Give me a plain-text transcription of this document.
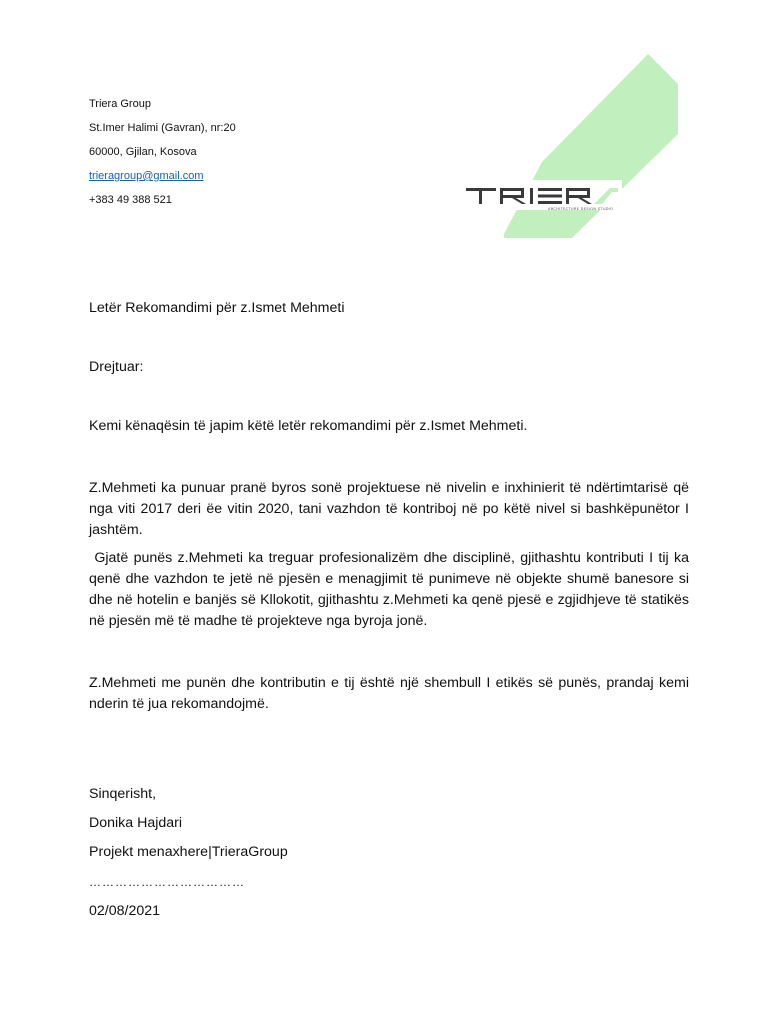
Triera Group
St.Imer Halimi (Gavran), nr:20
60000, Gjilan, Kosova
trieragroup@gmail.com
+383 49 388 521
ARCHITECTURE DESIGN STUDIO
Letër Rekomandimi për z.Ismet Mehmeti
Drejtuar:
Kemi kënaqësin të japim këtë letër rekomandimi për z.Ismet Mehmeti.
Z.Mehmeti ka punuar pranë byros sonë projektuese në nivelin e inxhinierit të ndërtimtarisë që nga viti 2017 deri ëe vitin 2020, tani vazhdon të kontriboj në po këtë nivel si bashkëpunëtor I jashtëm.
Gjatë punës z.Mehmeti ka treguar profesionalizëm dhe disciplinë, gjithashtu kontributi I tij ka qenë dhe vazhdon te jetë në pjesën e menagjimit të punimeve në objekte shumë banesore si dhe në hotelin e banjës së Kllokotit, gjithashtu z.Mehmeti ka qenë pjesë e zgjidhjeve të statikës në pjesën më të madhe të projekteve nga byroja jonë.
Z.Mehmeti me punën dhe kontributin e tij është një shembull I etikës së punës, prandaj kemi nderin të jua rekomandojmë.
Sinqerisht,
Donika Hajdari
Projekt menaxhere|TrieraGroup
………………………………
02/08/2021
